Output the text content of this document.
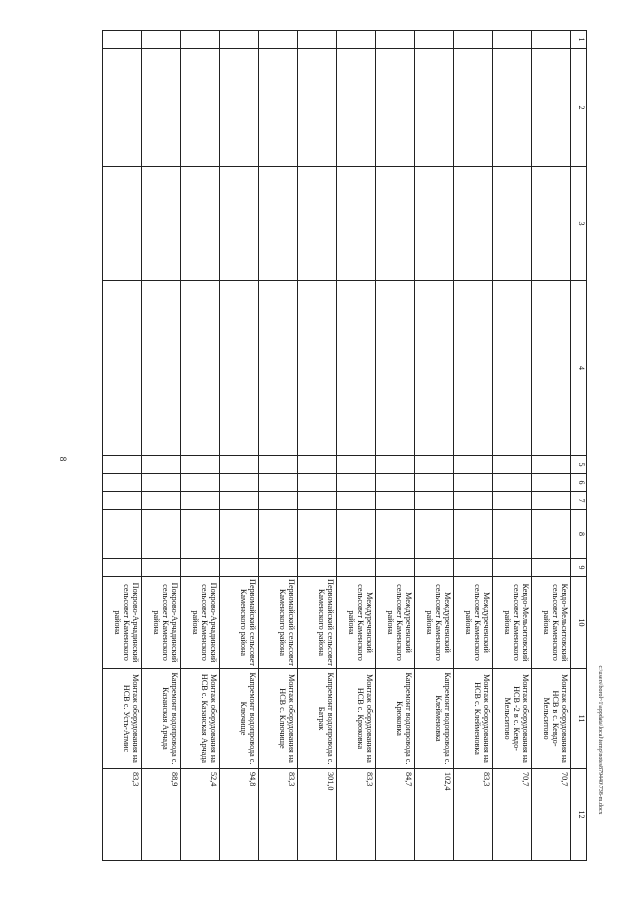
8
1	2	3	4	5	6	7	8	9	10	11	12
									Кевдо-Мельситовский сельсовет Каменского района	Монтаж оборудования на НСВ в с. Кевдо-Мельситово	70,7
									Кевдо-Мельситовский сельсовет Каменского района	Монтаж оборудования на НСВ -2 в с. Кевдо-Мельситово	70,7
									Междуреченский сельсовет Каменского района	Монтаж оборудования на НСВ с. Клейменовка	83,3
									Междуреченский сельсовет Каменского района	Капремонт водопровода с. Клейменовка	102,4
									Междуреченский сельсовет Каменского района	Капремонт водопровода с. Крюковка	84,7
									Междуреченский сельсовет Каменского района	Монтаж оборудования на НСВ с. Крюковка	83,3
									Первомайский сельсовет Каменского района	Капремонт водопровода с. Батрак	301,0
									Первомайский сельсовет Каменского района	Монтаж оборудования на НСВ с. Ключище	83,3
									Первомайский сельсовет Каменского района	Капремонт водопровода с. Ключище	94,8
									Покрово-Арчадинский сельсовет Каменского района	Монтаж оборудования на НСВ с. Казанская Арчада	52,4
									Покрово-Арчадинский сельсовет Каменского района	Капремонт водопровода с. Казанская Арчада	88,9
									Покрово-Арчадинский сельсовет Каменского района	Монтаж оборудования на НСВ с. Усть-Атмис	83,3	c:\users\borol~1\appdata\local\temp\notes879440\738-m.docx
